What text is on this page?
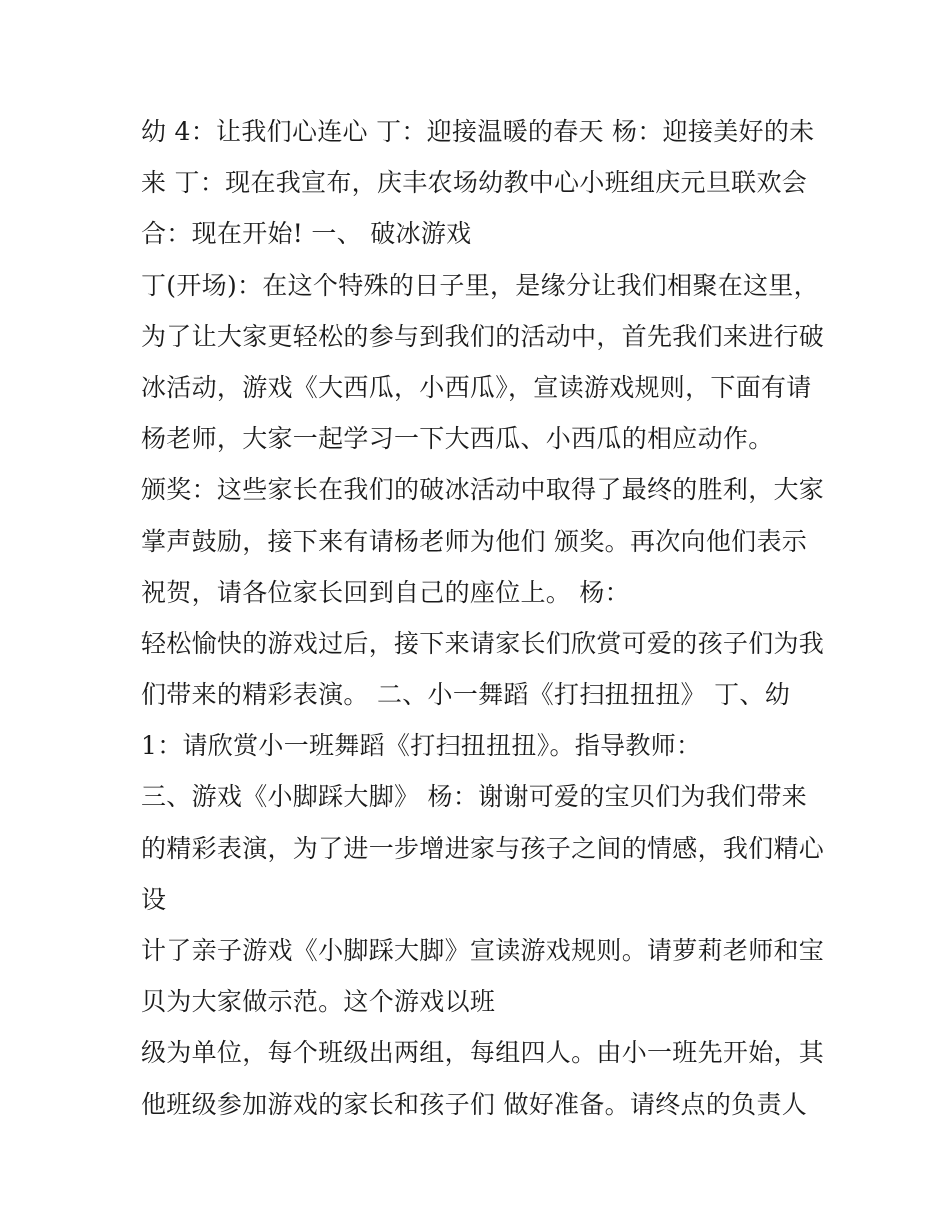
幼 4：让我们心连心 丁：迎接温暖的春天 杨：迎接美好的未
来 丁：现在我宣布，庆丰农场幼教中心小班组庆元旦联欢会
合：现在开始! 一、 破冰游戏
丁(开场)：在这个特殊的日子里，是缘分让我们相聚在这里，
为了让大家更轻松的参与到我们的活动中，首先我们来进行破
冰活动，游戏《大西瓜，小西瓜》，宣读游戏规则，下面有请
杨老师，大家一起学习一下大西瓜、小西瓜的相应动作。
颁奖：这些家长在我们的破冰活动中取得了最终的胜利，大家
掌声鼓励，接下来有请杨老师为他们 颁奖。再次向他们表示
祝贺，请各位家长回到自己的座位上。 杨：
轻松愉快的游戏过后，接下来请家长们欣赏可爱的孩子们为我
们带来的精彩表演。 二、小一舞蹈《打扫扭扭扭》 丁、幼
1：请欣赏小一班舞蹈《打扫扭扭扭》。指导教师：
三、游戏《小脚踩大脚》 杨：谢谢可爱的宝贝们为我们带来
的精彩表演，为了进一步增进家与孩子之间的情感，我们精心
设
计了亲子游戏《小脚踩大脚》宣读游戏规则。请萝莉老师和宝
贝为大家做示范。这个游戏以班
级为单位，每个班级出两组，每组四人。由小一班先开始，其
他班级参加游戏的家长和孩子们 做好准备。请终点的负责人
